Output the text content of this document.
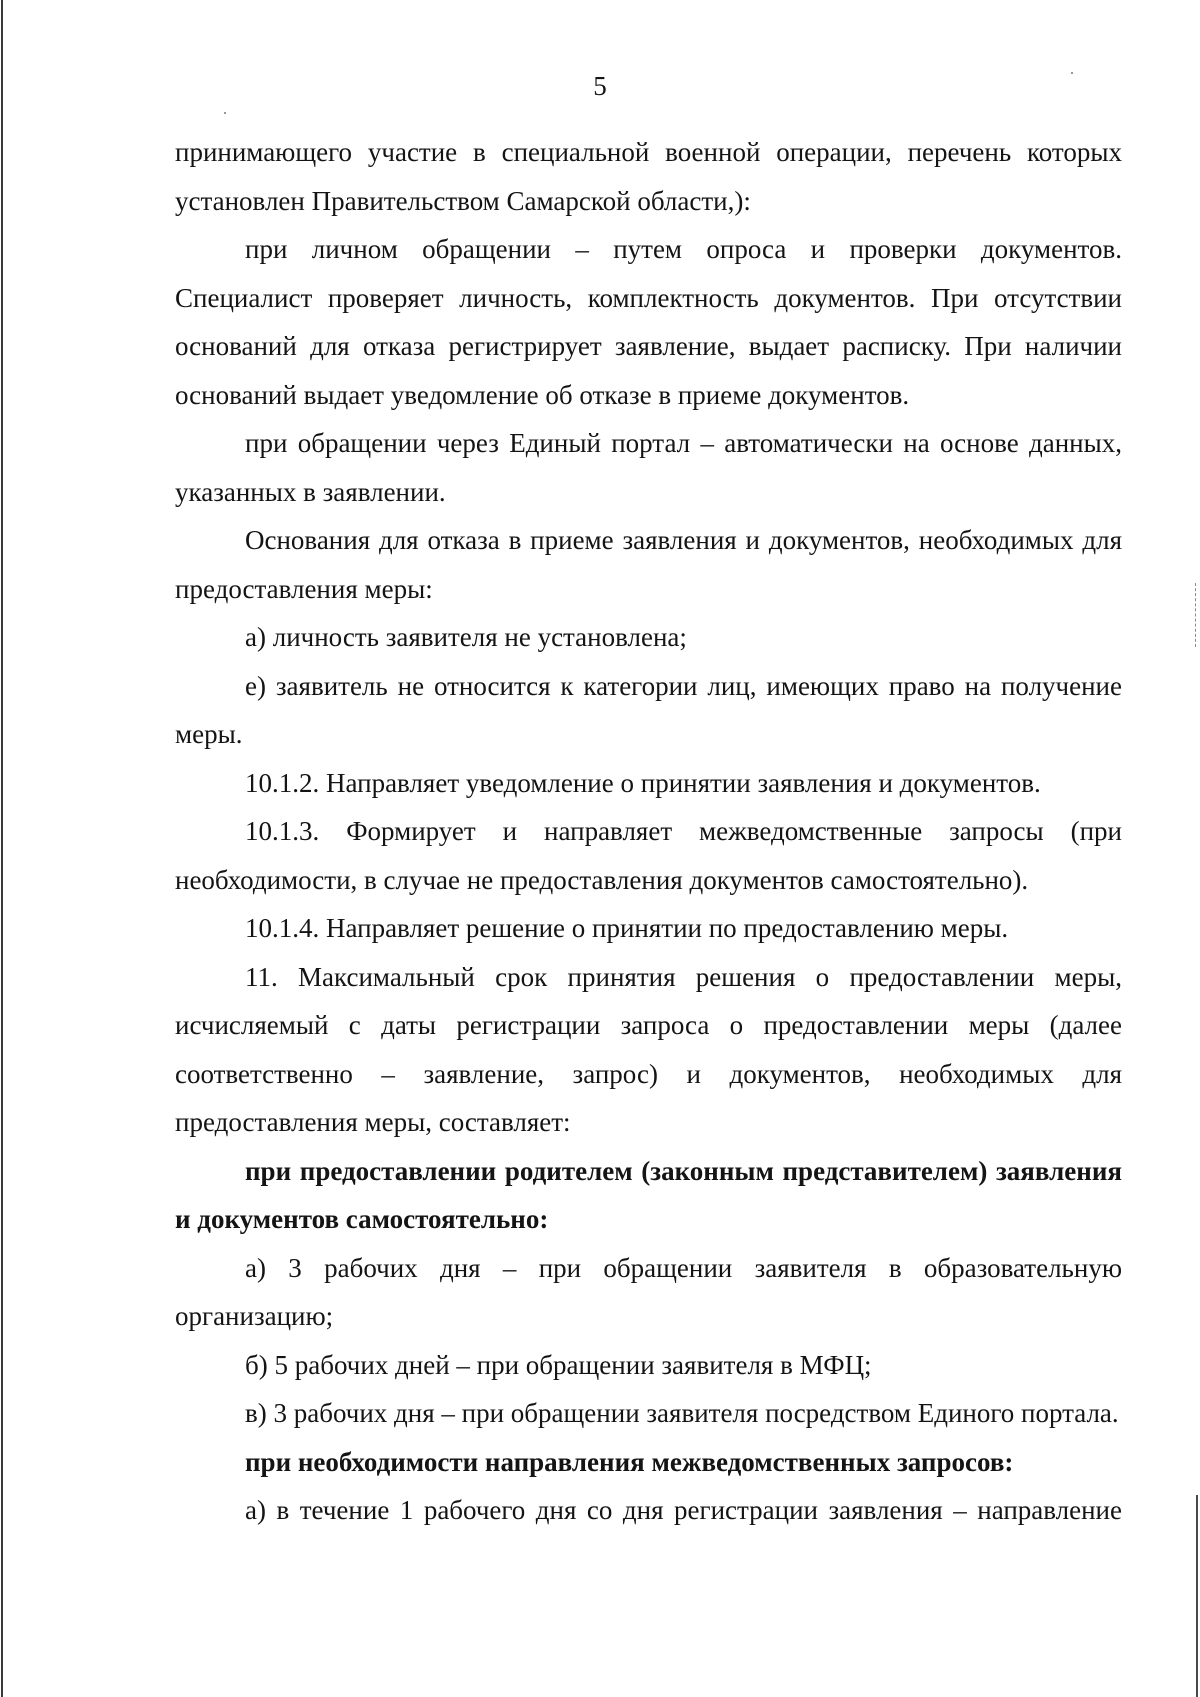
5

принимающего участие в специальной военной операции, перечень которых установлен Правительством Самарской области,):

при личном обращении – путем опроса и проверки документов. Специалист проверяет личность, комплектность документов. При отсутствии оснований для отказа регистрирует заявление, выдает расписку. При наличии оснований выдает уведомление об отказе в приеме документов.

при обращении через Единый портал – автоматически на основе данных, указанных в заявлении.

Основания для отказа в приеме заявления и документов, необходимых для предоставления меры:

а) личность заявителя не установлена;

е) заявитель не относится к категории лиц, имеющих право на получение меры.

10.1.2. Направляет уведомление о принятии заявления и документов.

10.1.3. Формирует и направляет межведомственные запросы (при необходимости, в случае не предоставления документов самостоятельно).

10.1.4. Направляет решение о принятии по предоставлению меры.

11. Максимальный срок принятия решения о предоставлении меры, исчисляемый с даты регистрации запроса о предоставлении меры (далее соответственно – заявление, запрос) и документов, необходимых для предоставления меры, составляет:

при предоставлении родителем (законным представителем) заявления и документов самостоятельно:

а) 3 рабочих дня – при обращении заявителя в образовательную организацию;

б) 5 рабочих дней – при обращении заявителя в МФЦ;

в) 3 рабочих дня – при обращении заявителя посредством Единого портала.

при необходимости направления межведомственных запросов:

а) в течение 1 рабочего дня со дня регистрации заявления – направление
